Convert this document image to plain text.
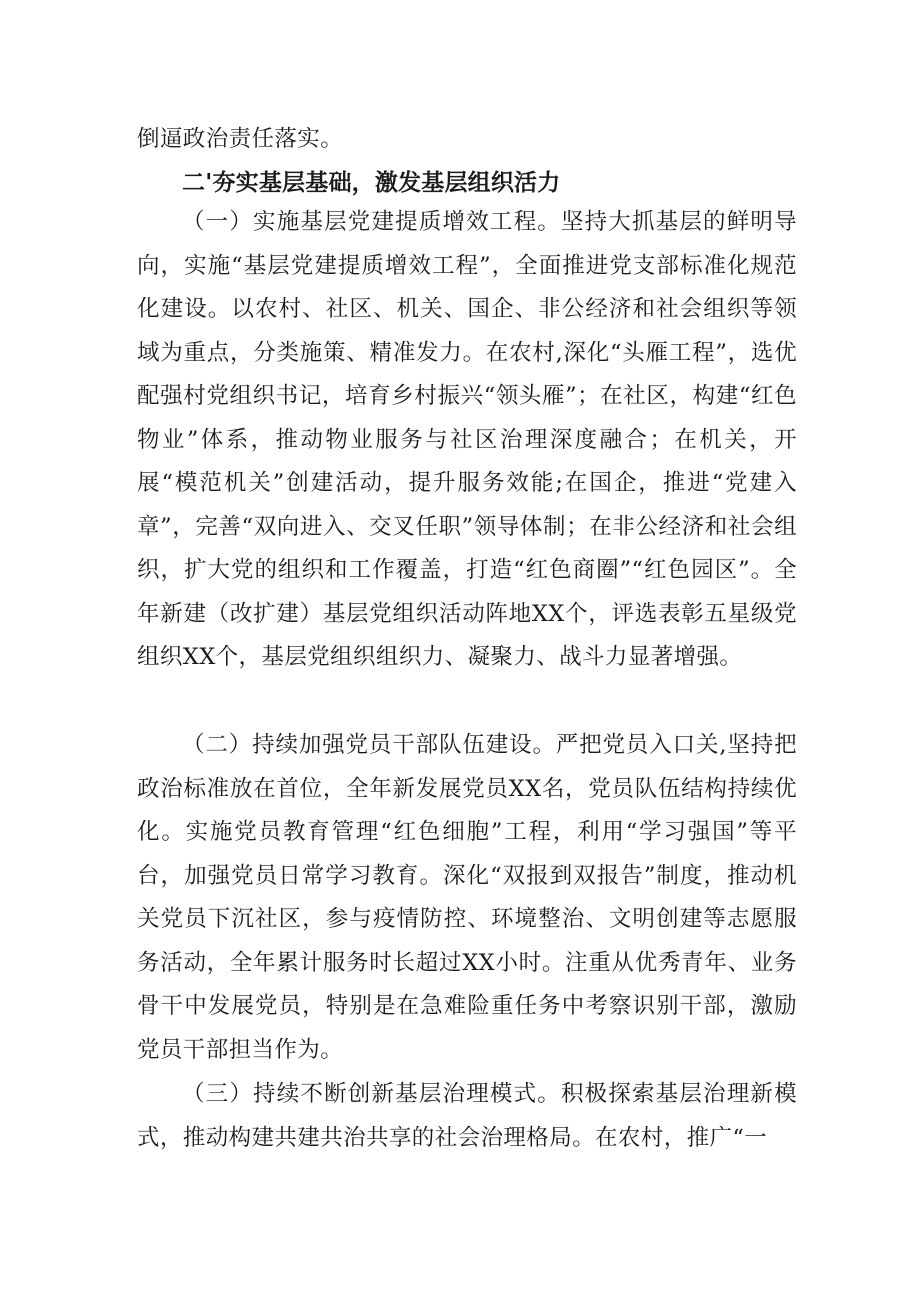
倒逼政治责任落实。

二'夯实基层基础，激发基层组织活力

（一）实施基层党建提质增效工程。坚持大抓基层的鲜明导向，实施“基层党建提质增效工程”，全面推进党支部标准化规范化建设。以农村、社区、机关、国企、非公经济和社会组织等领域为重点，分类施策、精准发力。在农村,深化“头雁工程”，选优配强村党组织书记，培育乡村振兴“领头雁”；在社区，构建“红色物业”体系，推动物业服务与社区治理深度融合；在机关，开展“模范机关”创建活动，提升服务效能;在国企，推进“党建入章”，完善“双向进入、交叉任职”领导体制；在非公经济和社会组织，扩大党的组织和工作覆盖，打造“红色商圈”“红色园区”。全年新建（改扩建）基层党组织活动阵地XX个，评选表彰五星级党组织XX个，基层党组织组织力、凝聚力、战斗力显著增强。

（二）持续加强党员干部队伍建设。严把党员入口关,坚持把政治标准放在首位，全年新发展党员XX名，党员队伍结构持续优化。实施党员教育管理“红色细胞”工程，利用“学习强国”等平台，加强党员日常学习教育。深化“双报到双报告”制度，推动机关党员下沉社区，参与疫情防控、环境整治、文明创建等志愿服务活动，全年累计服务时长超过XX小时。注重从优秀青年、业务骨干中发展党员，特别是在急难险重任务中考察识别干部，激励党员干部担当作为。

（三）持续不断创新基层治理模式。积极探索基层治理新模式，推动构建共建共治共享的社会治理格局。在农村，推广“一
